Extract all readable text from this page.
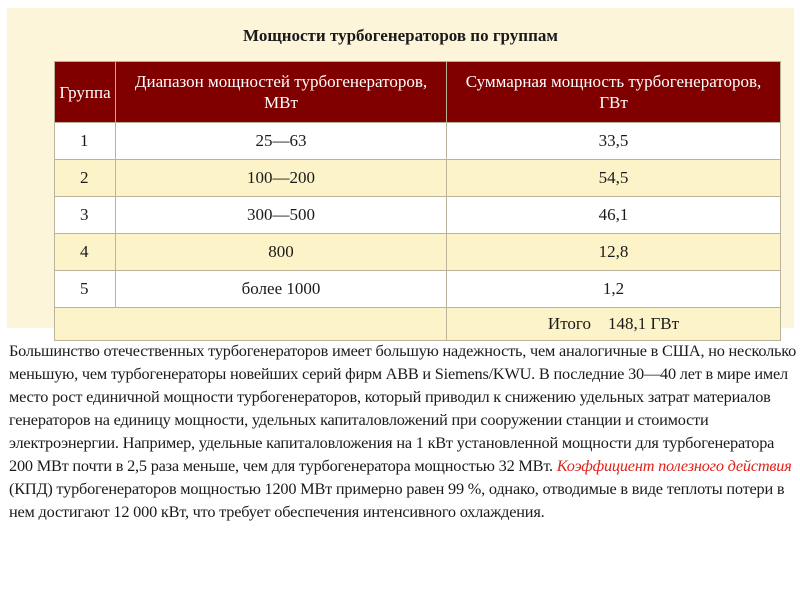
Мощности турбогенераторов по группам
Группа	Диапазон мощностей турбогенераторов, МВт	Суммарная мощность турбогенераторов, ГВт
1	25—63	33,5
2	100—200	54,5
3	300—500	46,1
4	800	12,8
5	более 1000	1,2
		Итого 148,1 ГВт
Большинство отечественных турбогенераторов имеет большую надежность, чем аналогичные в США, но несколько меньшую, чем турбогенераторы новейших серий фирм ABB и Siemens/KWU. В последние 30—40 лет в мире имел место рост единичной мощности турбогенераторов, который приводил к снижению удельных затрат материалов генераторов на единицу мощности, удельных капиталовложений при сооружении станции и стоимости электроэнергии. Например, удельные капиталовложения на 1 кВт установленной мощности для турбогенератора 200 МВт почти в 2,5 раза меньше, чем для турбогенератора мощностью 32 МВт. Коэффициент полезного действия (КПД) турбогенераторов мощностью 1200 МВт примерно равен 99 %, однако, отводимые в виде теплоты потери в нем достигают 12 000 кВт, что требует обеспечения интенсивного охлаждения.
